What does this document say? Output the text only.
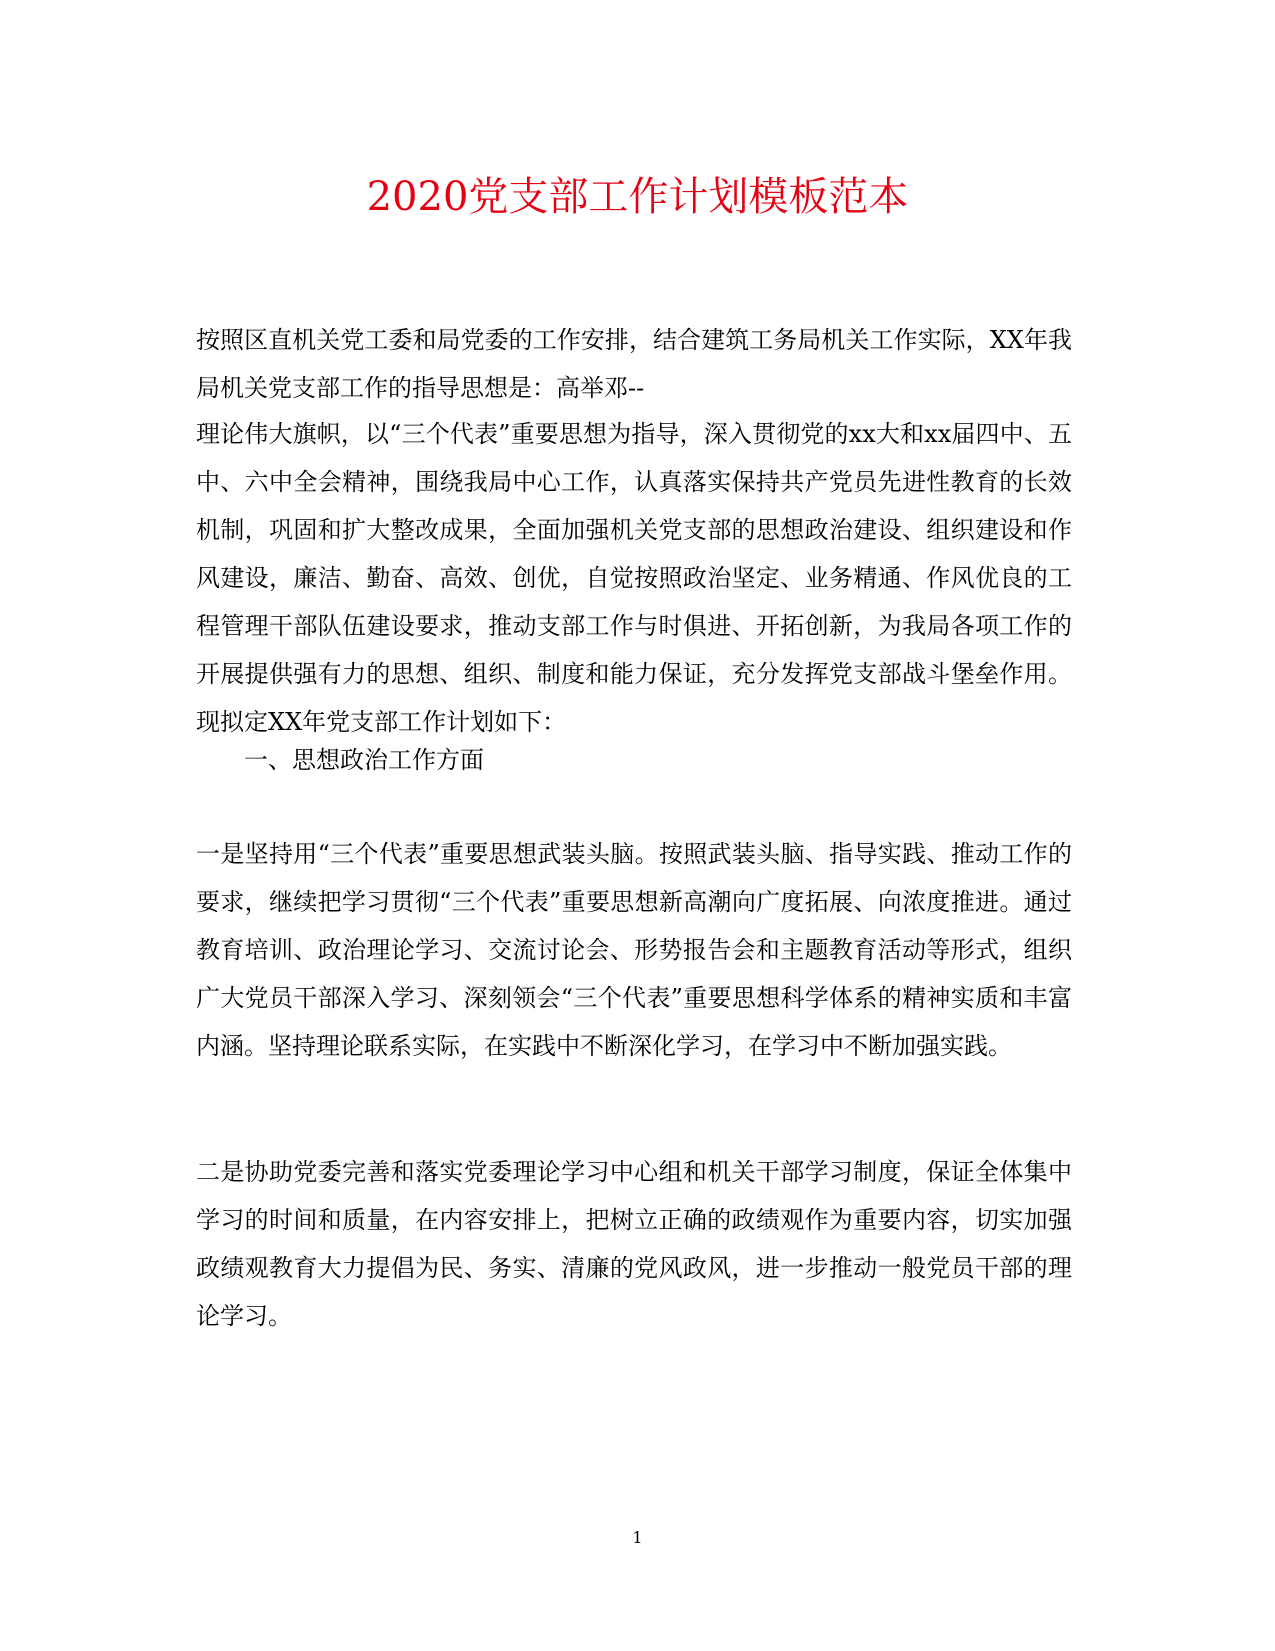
2020党支部工作计划模板范本

按照区直机关党工委和局党委的工作安排，结合建筑工务局机关工作实际，XX年我局机关党支部工作的指导思想是：高举邓--

理论伟大旗帜，以“三个代表”重要思想为指导，深入贯彻党的xx大和xx届四中、五中、六中全会精神，围绕我局中心工作，认真落实保持共产党员先进性教育的长效机制，巩固和扩大整改成果，全面加强机关党支部的思想政治建设、组织建设和作风建设，廉洁、勤奋、高效、创优，自觉按照政治坚定、业务精通、作风优良的工程管理干部队伍建设要求，推动支部工作与时俱进、开拓创新，为我局各项工作的开展提供强有力的思想、组织、制度和能力保证，充分发挥党支部战斗堡垒作用。现拟定XX年党支部工作计划如下：

一、思想政治工作方面

一是坚持用“三个代表”重要思想武装头脑。按照武装头脑、指导实践、推动工作的要求，继续把学习贯彻“三个代表”重要思想新高潮向广度拓展、向浓度推进。通过教育培训、政治理论学习、交流讨论会、形势报告会和主题教育活动等形式，组织广大党员干部深入学习、深刻领会“三个代表”重要思想科学体系的精神实质和丰富内涵。坚持理论联系实际，在实践中不断深化学习，在学习中不断加强实践。

二是协助党委完善和落实党委理论学习中心组和机关干部学习制度，保证全体集中学习的时间和质量，在内容安排上，把树立正确的政绩观作为重要内容，切实加强政绩观教育大力提倡为民、务实、清廉的党风政风，进一步推动一般党员干部的理论学习。

1
